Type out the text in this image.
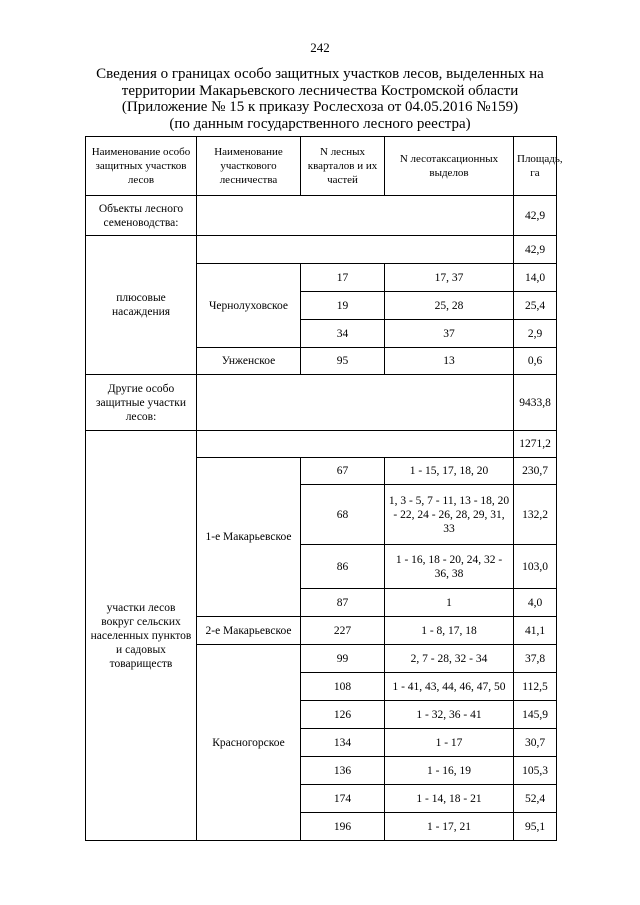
242
Сведения о границах особо защитных участков лесов, выделенных на
территории Макарьевского лесничества Костромской области
(Приложение № 15 к приказу Рослесхоза от 04.05.2016 №159)
(по данным государственного лесного реестра)
Наименование особо защитных участков лесов	Наименование участкового лесничества	N лесных кварталов и их частей	N лесотаксационных выделов	Площадь, га
Объекты лесного семеноводства:				42,9
плюсовые насаждения				42,9
	Чернолуховское	17	17, 37	14,0
		19	25, 28	25,4
		34	37	2,9
	Унженское	95	13	0,6
Другие особо защитные участки лесов:				9433,8
участки лесов вокруг сельских населенных пунктов и садовых товариществ				1271,2
	1-е Макарьевское	67	1 - 15, 17, 18, 20	230,7
		68	1, 3 - 5, 7 - 11, 13 - 18, 20 - 22, 24 - 26, 28, 29, 31, 33	132,2
		86	1 - 16, 18 - 20, 24, 32 - 36, 38	103,0
		87	1	4,0
	2-е Макарьевское	227	1 - 8, 17, 18	41,1
	Красногорское	99	2, 7 - 28, 32 - 34	37,8
		108	1 - 41, 43, 44, 46, 47, 50	112,5
		126	1 - 32, 36 - 41	145,9
		134	1 - 17	30,7
		136	1 - 16, 19	105,3
		174	1 - 14, 18 - 21	52,4
		196	1 - 17, 21	95,1
